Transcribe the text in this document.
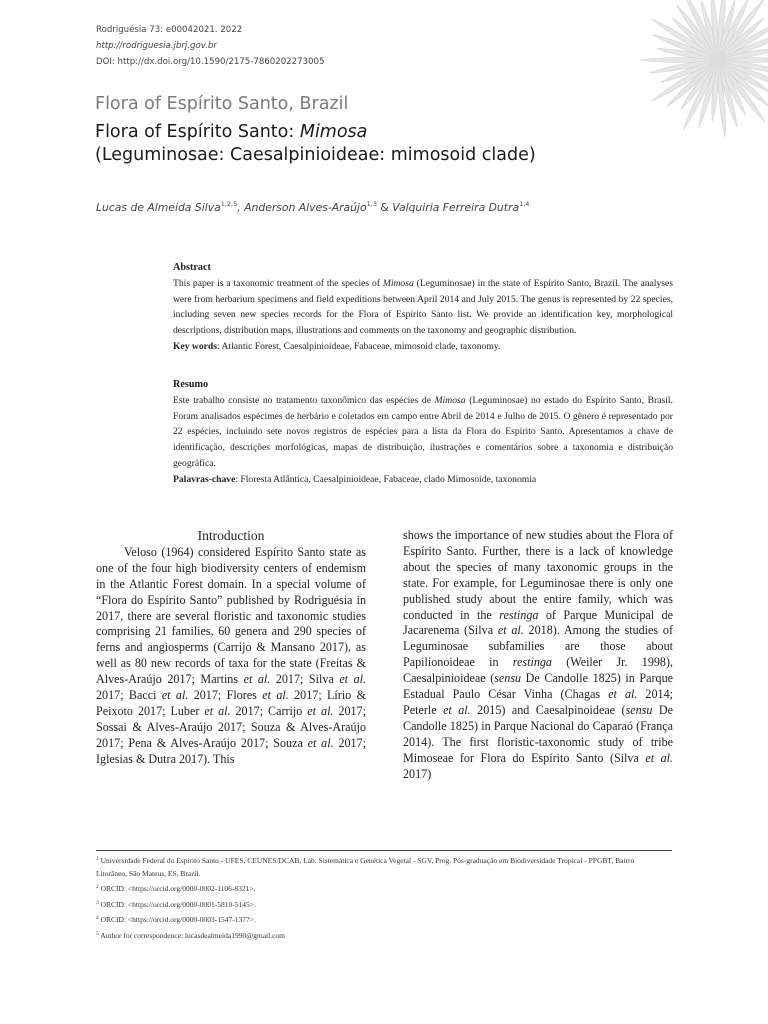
Rodriguésia 73: e00042021. 2022
http://rodriguesia.jbrj.gov.br
DOI: http://dx.doi.org/10.1590/2175-7860202273005
Flora of Espírito Santo, Brazil
Flora of Espírito Santo: Mimosa
(Leguminosae: Caesalpinioideae: mimosoid clade)
Lucas de Almeida Silva$^{1,2,5}$, Anderson Alves-Araújo$^{1,3}$ & Valquiria Ferreira Dutra$^{1,4}$
Abstract

This paper is a taxonomic treatment of the species of Mimosa (Leguminosae) in the state of Espírito Santo, Brazil. The analyses were from herbarium specimens and field expeditions between April 2014 and July 2015. The genus is represented by 22 species, including seven new species records for the Flora of Espírito Santo list. We provide an identification key, morphological descriptions, distribution maps, illustrations and comments on the taxonomy and geographic distribution.

Key words: Atlantic Forest, Caesalpinioideae, Fabaceae, mimosoid clade, taxonomy.

Resumo

Este trabalho consiste no tratamento taxonômico das espécies de Mimosa (Leguminosae) no estado do Espírito Santo, Brasil. Foram analisados espécimes de herbário e coletados em campo entre Abril de 2014 e Julho de 2015. O gênero é representado por 22 espécies, incluindo sete novos registros de espécies para a lista da Flora do Espírito Santo. Apresentamos a chave de identificação, descrições morfológicas, mapas de distribuição, ilustrações e comentários sobre a taxonomia e distribuição geográfica.

Palavras-chave: Floresta Atlântica, Caesalpinioideae, Fabaceae, clado Mimosoide, taxonomia

Introduction

Veloso (1964) considered Espírito Santo state as one of the four high biodiversity centers of endemism in the Atlantic Forest domain. In a special volume of “Flora do Espírito Santo” published by Rodriguésia in 2017, there are several floristic and taxonomic studies comprising 21 families, 60 genera and 290 species of ferns and angiosperms (Carrijo & Mansano 2017), as well as 80 new records of taxa for the state (Freitas & Alves-Araújo 2017; Martins et al. 2017; Silva et al. 2017; Bacci et al. 2017; Flores et al. 2017; Lírio & Peixoto 2017; Luber et al. 2017; Carrijo et al. 2017; Sossai & Alves-Araújo 2017; Souza & Alves-Araújo 2017; Pena & Alves-Araújo 2017; Souza et al. 2017; Iglesias & Dutra 2017). This

shows the importance of new studies about the Flora of Espírito Santo. Further, there is a lack of knowledge about the species of many taxonomic groups in the state. For example, for Leguminosae there is only one published study about the entire family, which was conducted in the restinga of Parque Municipal de Jacarenema (Silva et al. 2018). Among the studies of Leguminosae subfamilies are those about Papilionoideae in restinga (Weiler Jr. 1998), Caesalpinioideae (sensu De Candolle 1825) in Parque Estadual Paulo César Vinha (Chagas et al. 2014; Peterle et al. 2015) and Caesalpinoideae (sensu De Candolle 1825) in Parque Nacional do Caparaó (França 2014). The first floristic-taxonomic study of tribe Mimoseae for Flora do Espírito Santo (Silva et al. 2017)

$^1$ Universidade Federal do Espírito Santo - UFES, CEUNES/DCAB, Lab. Sistemática e Genética Vegetal - SGV, Prog. Pós-graduação em Biodiversidade Tropical - PPGBT, Bairro Litorâneo, São Mateus, ES, Brazil.

$^2$ ORCID: <https://orcid.org/0000-0002-1106-8321>.

$^3$ ORCID: <https://orcid.org/0000-0001-5810-5145>.

$^4$ ORCID: <https://orcid.org/0000-0003-1547-1377>.

$^5$ Author for correspondence: lucasdealmeida1990@gmail.com
